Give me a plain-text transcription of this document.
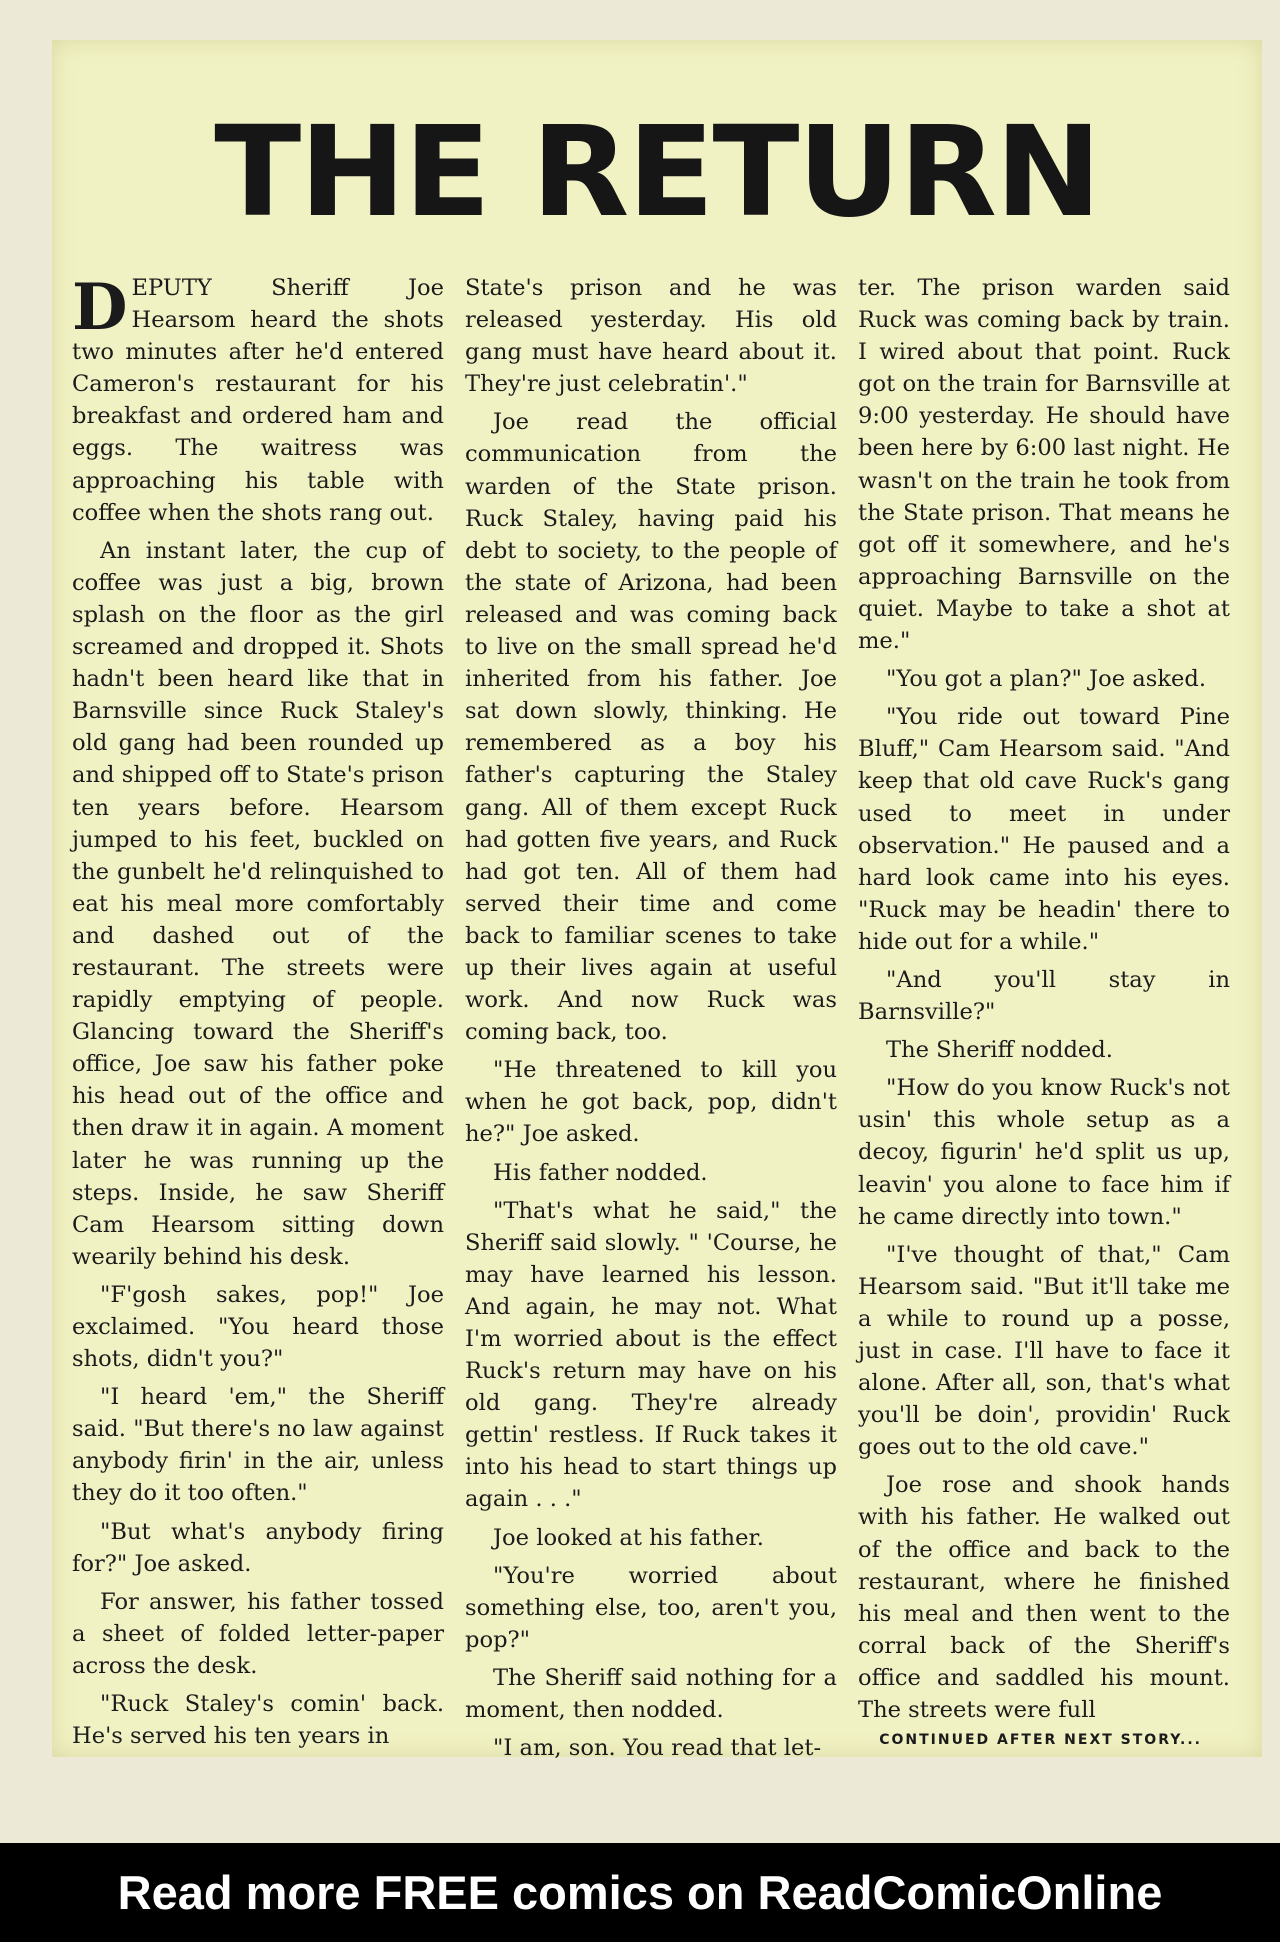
THE RETURN

DEPUTY Sheriff Joe Hearsom heard the shots two minutes after he'd entered Cameron's restaurant for his breakfast and ordered ham and eggs. The waitress was approaching his table with coffee when the shots rang out.

An instant later, the cup of coffee was just a big, brown splash on the floor as the girl screamed and dropped it. Shots hadn't been heard like that in Barnsville since Ruck Staley's old gang had been rounded up and shipped off to State's prison ten years before. Hearsom jumped to his feet, buckled on the gunbelt he'd relinquished to eat his meal more comfortably and dashed out of the restaurant. The streets were rapidly emptying of people. Glancing toward the Sheriff's office, Joe saw his father poke his head out of the office and then draw it in again. A moment later he was running up the steps. Inside, he saw Sheriff Cam Hearsom sitting down wearily behind his desk.

"F'gosh sakes, pop!" Joe exclaimed. "You heard those shots, didn't you?"

"I heard 'em," the Sheriff said. "But there's no law against anybody firin' in the air, unless they do it too often."

"But what's anybody firing for?" Joe asked.

For answer, his father tossed a sheet of folded letter-paper across the desk.

"Ruck Staley's comin' back. He's served his ten years in

State's prison and he was released yesterday. His old gang must have heard about it. They're just celebratin'."

Joe read the official communication from the warden of the State prison. Ruck Staley, having paid his debt to society, to the people of the state of Arizona, had been released and was coming back to live on the small spread he'd inherited from his father. Joe sat down slowly, thinking. He remembered as a boy his father's capturing the Staley gang. All of them except Ruck had gotten five years, and Ruck had got ten. All of them had served their time and come back to familiar scenes to take up their lives again at useful work. And now Ruck was coming back, too.

"He threatened to kill you when he got back, pop, didn't he?" Joe asked.

His father nodded.

"That's what he said," the Sheriff said slowly. " 'Course, he may have learned his lesson. And again, he may not. What I'm worried about is the effect Ruck's return may have on his old gang. They're already gettin' restless. If Ruck takes it into his head to start things up again . . ."

Joe looked at his father.

"You're worried about something else, too, aren't you, pop?"

The Sheriff said nothing for a moment, then nodded.

"I am, son. You read that let-

ter. The prison warden said Ruck was coming back by train. I wired about that point. Ruck got on the train for Barnsville at 9:00 yesterday. He should have been here by 6:00 last night. He wasn't on the train he took from the State prison. That means he got off it somewhere, and he's approaching Barnsville on the quiet. Maybe to take a shot at me."

"You got a plan?" Joe asked.

"You ride out toward Pine Bluff," Cam Hearsom said. "And keep that old cave Ruck's gang used to meet in under observation." He paused and a hard look came into his eyes. "Ruck may be headin' there to hide out for a while."

"And you'll stay in Barnsville?"

The Sheriff nodded.

"How do you know Ruck's not usin' this whole setup as a decoy, figurin' he'd split us up, leavin' you alone to face him if he came directly into town."

"I've thought of that," Cam Hearsom said. "But it'll take me a while to round up a posse, just in case. I'll have to face it alone. After all, son, that's what you'll be doin', providin' Ruck goes out to the old cave."

Joe rose and shook hands with his father. He walked out of the office and back to the restaurant, where he finished his meal and then went to the corral back of the Sheriff's office and saddled his mount. The streets were full

CONTINUED AFTER NEXT STORY...
Read more FREE comics on ReadComicOnline
